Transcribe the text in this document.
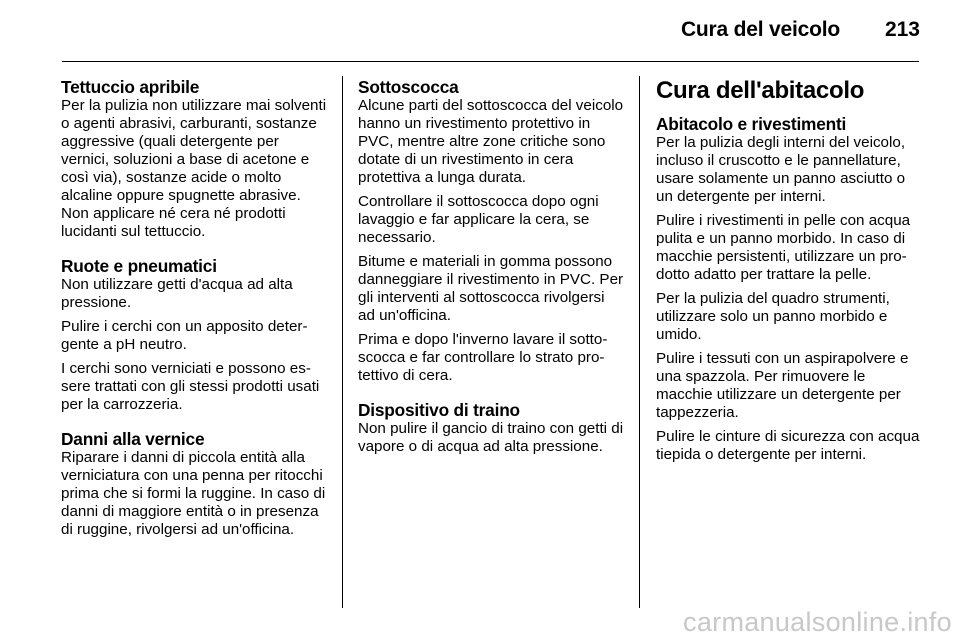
Cura del veicolo 213
Tettuccio apribile

Per la pulizia non utilizzare mai solventi o agenti abrasivi, carburanti, sostanze aggressive (quali detergente per vernici, soluzioni a base di acetone e così via), sostanze acide o molto alcaline oppure spugnette abrasive. Non applicare né cera né prodotti lucidanti sul tettuccio.

Ruote e pneumatici

Non utilizzare getti d'acqua ad alta pressione.

Pulire i cerchi con un apposito detergente a pH neutro.

I cerchi sono verniciati e possono essere trattati con gli stessi prodotti usati per la carrozzeria.

Danni alla vernice

Riparare i danni di piccola entità alla verniciatura con una penna per ritocchi prima che si formi la ruggine. In caso di danni di maggiore entità o in presenza di ruggine, rivolgersi ad un'officina.

Sottoscocca

Alcune parti del sottoscocca del veicolo hanno un rivestimento protettivo in PVC, mentre altre zone critiche sono dotate di un rivestimento in cera protettiva a lunga durata.

Controllare il sottoscocca dopo ogni lavaggio e far applicare la cera, se necessario.

Bitume e materiali in gomma possono danneggiare il rivestimento in PVC. Per gli interventi al sottoscocca rivolgersi ad un'officina.

Prima e dopo l'inverno lavare il sottoscocca e far controllare lo strato protettivo di cera.

Dispositivo di traino

Non pulire il gancio di traino con getti di vapore o di acqua ad alta pressione.

Cura dell'abitacolo
Abitacolo e rivestimenti

Per la pulizia degli interni del veicolo, incluso il cruscotto e le pannellature, usare solamente un panno asciutto o un detergente per interni.

Pulire i rivestimenti in pelle con acqua pulita e un panno morbido. In caso di macchie persistenti, utilizzare un prodotto adatto per trattare la pelle.

Per la pulizia del quadro strumenti, utilizzare solo un panno morbido e umido.

Pulire i tessuti con un aspirapolvere e una spazzola. Per rimuovere le macchie utilizzare un detergente per tappezzeria.

Pulire le cinture di sicurezza con acqua tiepida o detergente per interni.

carmanualsonline.info
